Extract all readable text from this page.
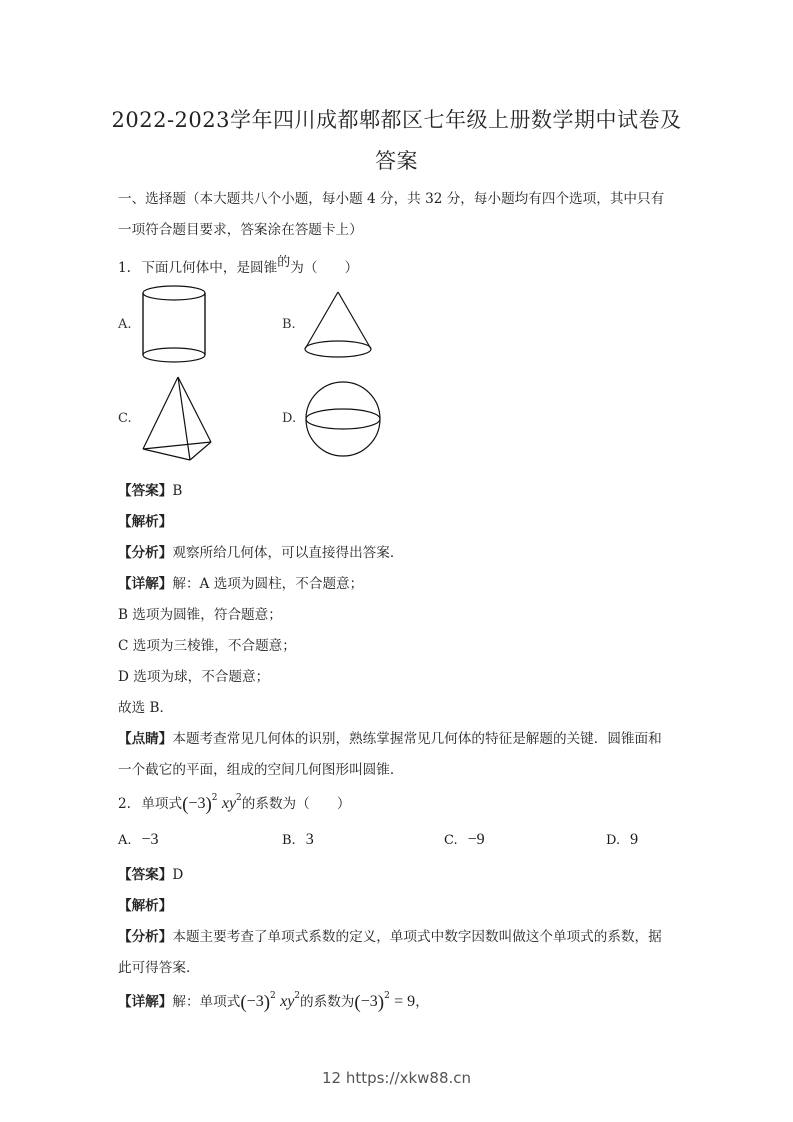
2022-2023学年四川成都郫都区七年级上册数学期中试卷及
答案
一、选择题（本大题共八个小题，每小题 4 分，共 32 分，每小题均有四个选项，其中只有
一项符合题目要求，答案涂在答题卡上）
1. 下面几何体中，是圆锥的为（　　）
A.	B.
C.	D.
【答案】B
【解析】
【分析】观察所给几何体，可以直接得出答案．
【详解】解：A 选项为圆柱，不合题意；
B 选项为圆锥，符合题意；
C 选项为三棱锥，不合题意；
D 选项为球，不合题意；
故选 B．
【点睛】本题考查常见几何体的识别，熟练掌握常见几何体的特征是解题的关键．圆锥面和
一个截它的平面，组成的空间几何图形叫圆锥．
2. 单项式$(-3)^2$ $xy^2$的系数为（　　）
A. −3	B. 3	C. −9	D. 9
【答案】D
【解析】
【分析】本题主要考查了单项式系数的定义，单项式中数字因数叫做这个单项式的系数，据
此可得答案．
【详解】解：单项式$(-3)^2$ $xy^2$的系数为$(-3)^2 = 9$，
12 https://xkw88.cn
